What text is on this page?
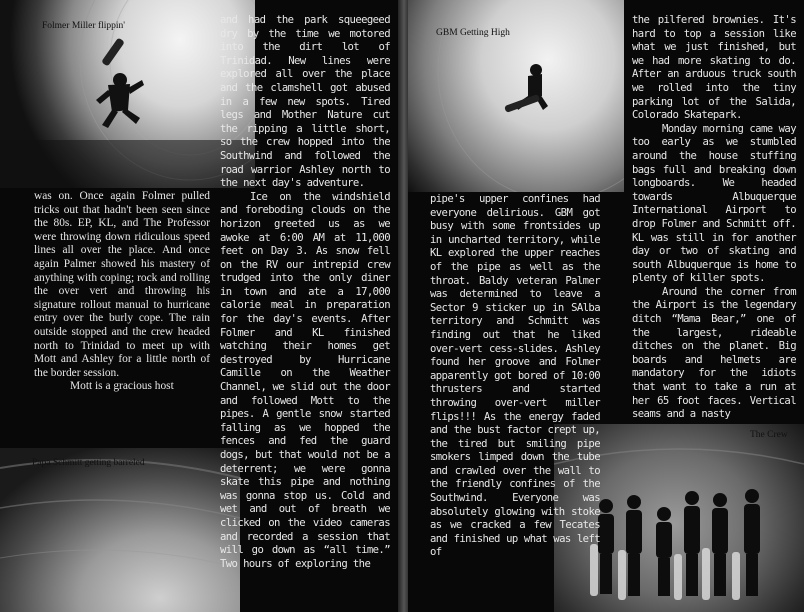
Folmer Miller flippin'
Papa Schmitt getting barreled

was on. Once again Folmer pulled tricks out that hadn't been seen since the 80s. EP, KL, and The Professor were throwing down ridiculous speed lines all over the place. And once again Palmer showed his mastery of anything with coping; rock and rolling the over vert and throwing his signature rollout manual to hurricane entry over the burly cope. The rain outside stopped and the crew headed north to Trinidad to meet up with Mott and Ashley for a little north of the border session.

Mott is a gracious host

and had the park squeegeed dry by the time we motored into the dirt lot of Trinidad. New lines were explored all over the place and the clamshell got abused in a few new spots. Tired legs and Mother Nature cut the ripping a little short, so the crew hopped into the Southwind and followed the road warrior Ashley north to the next day's adventure.

Ice on the windshield and foreboding clouds on the horizon greeted us as we awoke at 6:00 AM at 11,000 feet on Day 3. As snow fell on the RV our intrepid crew trudged into the only diner in town and ate a 17,000 calorie meal in preparation for the day's events. After Folmer and KL finished watching their homes get destroyed by Hurricane Camille on the Weather Channel, we slid out the door and followed Mott to the pipes. A gentle snow started falling as we hopped the fences and fed the guard dogs, but that would not be a deterrent; we were gonna skate this pipe and nothing was gonna stop us. Cold and wet and out of breath we clicked on the video cameras and recorded a session that will go down as “all time.” Two hours of exploring the

GBM Getting High
The Crew

pipe's upper confines had everyone delirious. GBM got busy with some frontsides up in uncharted territory, while KL explored the upper reaches of the pipe as well as the throat. Baldy veteran Palmer was determined to leave a Sector 9 sticker up in SAlba territory and Schmitt was finding out that he liked over-vert cess-slides. Ashley found her groove and Folmer apparently got bored of 10:00 thrusters and started throwing over-vert miller flips!!! As the energy faded and the bust factor crept up, the tired but smiling pipe smokers limped down the tube and crawled over the wall to the friendly confines of the Southwind. Everyone was absolutely glowing with stoke as we cracked a few Tecates and finished up what was left of

the pilfered brownies. It's hard to top a session like what we just finished, but we had more skating to do. After an arduous truck south we rolled into the tiny parking lot of the Salida, Colorado Skatepark.

Monday morning came way too early as we stumbled around the house stuffing bags full and breaking down longboards. We headed towards Albuquerque International Airport to drop Folmer and Schmitt off. KL was still in for another day or two of skating and south Albuquerque is home to plenty of killer spots.

Around the corner from the Airport is the legendary ditch “Mama Bear,” one of the largest, rideable ditches on the planet. Big boards and helmets are mandatory for the idiots that want to take a run at her 65 foot faces. Vertical seams and a nasty
